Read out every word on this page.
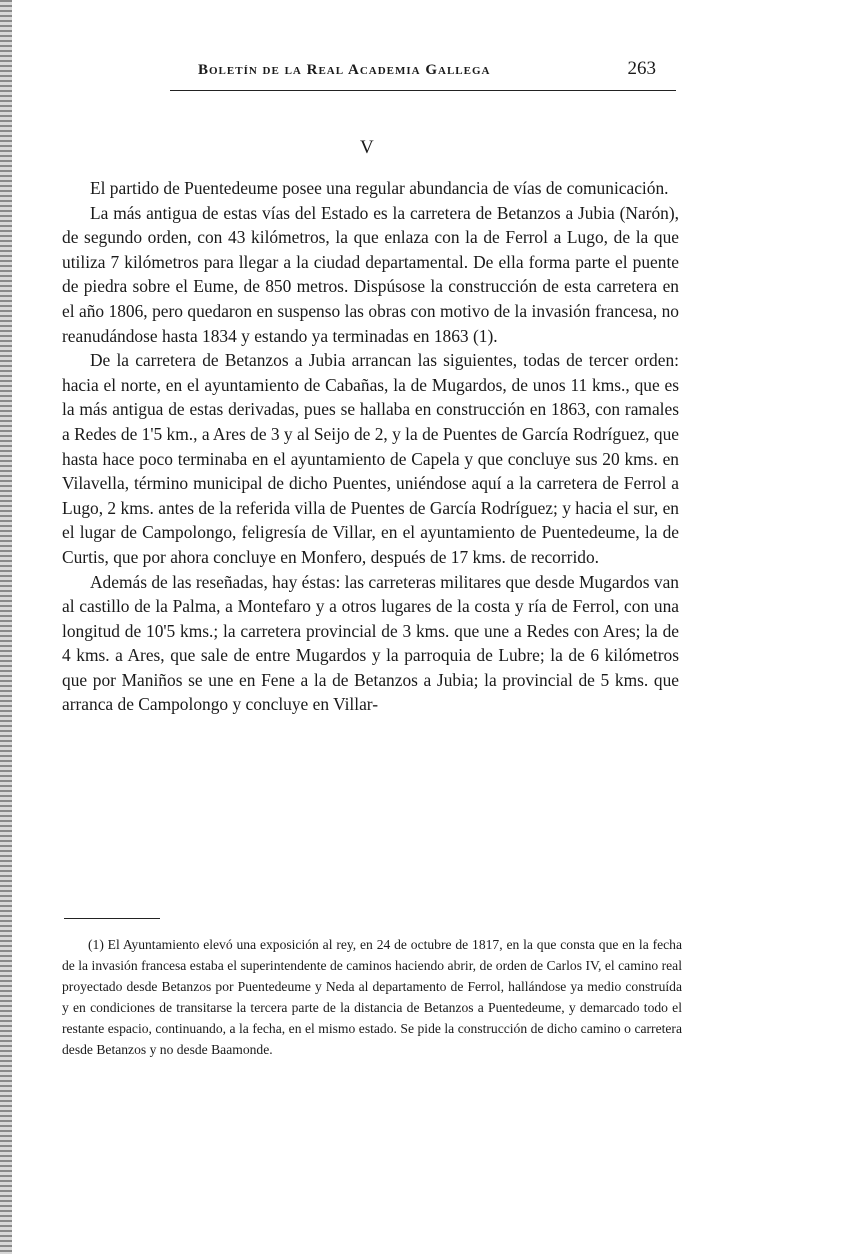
Boletín de la Real Academia Gallega	263
V

El partido de Puentedeume posee una regular abundancia de vías de comunicación.

La más antigua de estas vías del Estado es la carretera de Betanzos a Jubia (Narón), de segundo orden, con 43 kilómetros, la que enlaza con la de Ferrol a Lugo, de la que utiliza 7 kilómetros para llegar a la ciudad departamental. De ella forma parte el puente de piedra sobre el Eume, de 850 metros. Dispúsose la construcción de esta carretera en el año 1806, pero quedaron en suspenso las obras con motivo de la invasión francesa, no reanudándose hasta 1834 y estando ya terminadas en 1863 (1).

De la carretera de Betanzos a Jubia arrancan las siguientes, todas de tercer orden: hacia el norte, en el ayuntamiento de Cabañas, la de Mugardos, de unos 11 kms., que es la más antigua de estas derivadas, pues se hallaba en construcción en 1863, con ramales a Redes de 1'5 km., a Ares de 3 y al Seijo de 2, y la de Puentes de García Rodríguez, que hasta hace poco terminaba en el ayuntamiento de Capela y que concluye sus 20 kms. en Vilavella, término municipal de dicho Puentes, uniéndose aquí a la carretera de Ferrol a Lugo, 2 kms. antes de la referida villa de Puentes de García Rodríguez; y hacia el sur, en el lugar de Campolongo, feligresía de Villar, en el ayuntamiento de Puentedeume, la de Curtis, que por ahora concluye en Monfero, después de 17 kms. de recorrido.

Además de las reseñadas, hay éstas: las carreteras militares que desde Mugardos van al castillo de la Palma, a Montefaro y a otros lugares de la costa y ría de Ferrol, con una longitud de 10'5 kms.; la carretera provincial de 3 kms. que une a Redes con Ares; la de 4 kms. a Ares, que sale de entre Mugardos y la parroquia de Lubre; la de 6 kilómetros que por Maniños se une en Fene a la de Betanzos a Jubia; la provincial de 5 kms. que arranca de Campolongo y concluye en Villar-

(1) El Ayuntamiento elevó una exposición al rey, en 24 de octubre de 1817, en la que consta que en la fecha de la invasión francesa estaba el superintendente de caminos haciendo abrir, de orden de Carlos IV, el camino real proyectado desde Betanzos por Puentedeume y Neda al departamento de Ferrol, hallándose ya medio construída y en condiciones de transitarse la tercera parte de la distancia de Betanzos a Puentedeume, y demarcado todo el restante espacio, continuando, a la fecha, en el mismo estado. Se pide la construcción de dicho camino o carretera desde Betanzos y no desde Baamonde.
